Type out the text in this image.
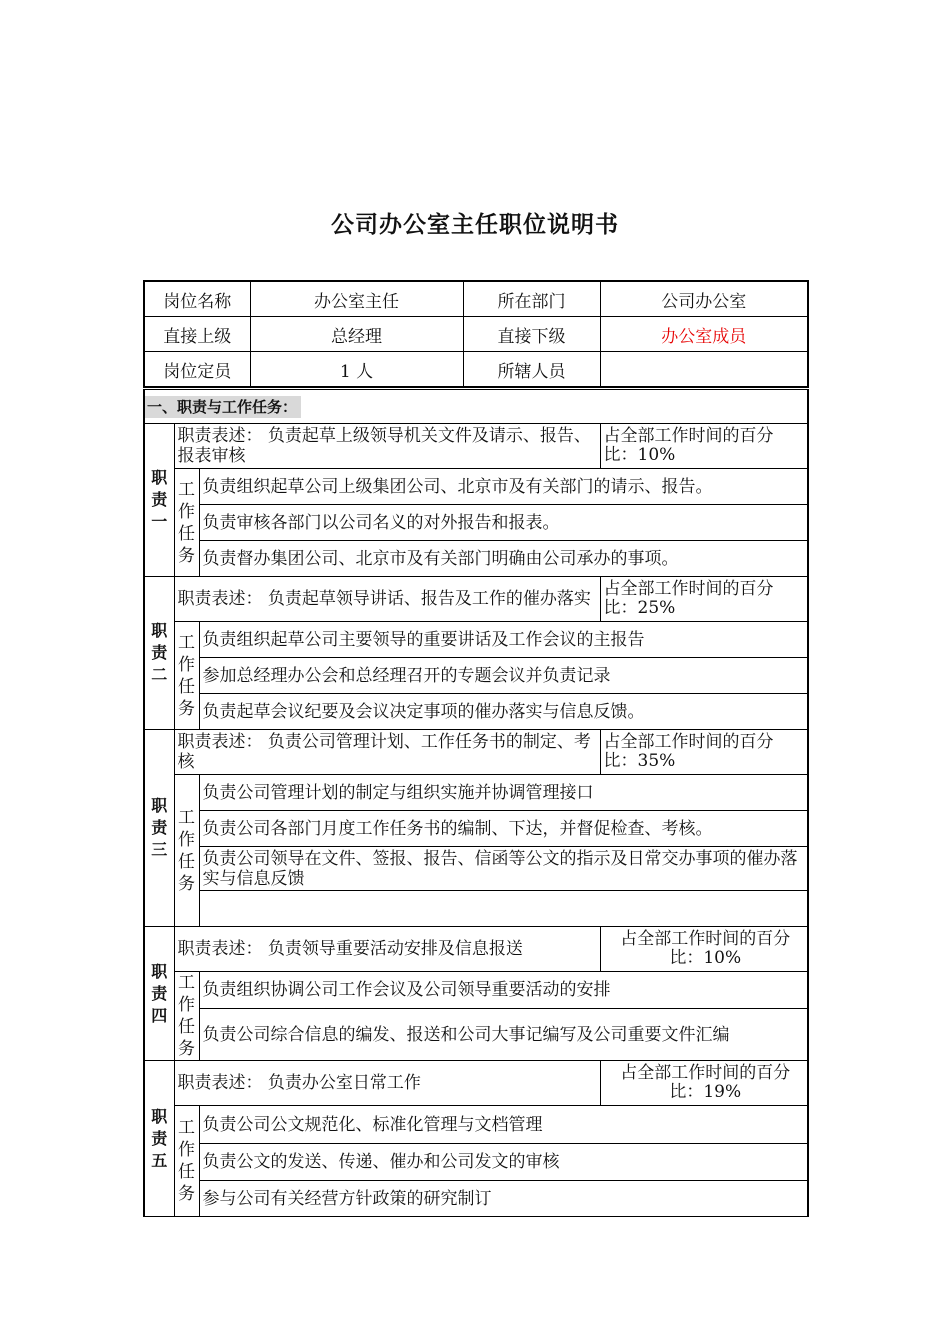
公司办公室主任职位说明书
岗位名称	办公室主任	所在部门	公司办公室
直接上级	总经理	直接下级	办公室成员
岗位定员	1 人	所辖人员	
一、职责与工作任务：			
职责一	职责表述： 负责起草上级领导机关文件及请示、报告、报表审核		占全部工作时间的百分比：10%
	工作任务	负责组织起草公司上级集团公司、北京市及有关部门的请示、报告。	
		负责审核各部门以公司名义的对外报告和报表。	
		负责督办集团公司、北京市及有关部门明确由公司承办的事项。	
职责二	职责表述： 负责起草领导讲话、报告及工作的催办落实		占全部工作时间的百分比：25%
	工作任务	负责组织起草公司主要领导的重要讲话及工作会议的主报告	
		参加总经理办公会和总经理召开的专题会议并负责记录	
		负责起草会议纪要及会议决定事项的催办落实与信息反馈。	
职责三	职责表述： 负责公司管理计划、工作任务书的制定、考核		占全部工作时间的百分比：35%
	工作任务	负责公司管理计划的制定与组织实施并协调管理接口	
		负责公司各部门月度工作任务书的编制、下达，并督促检查、考核。	
		负责公司领导在文件、签报、报告、信函等公文的指示及日常交办事项的催办落实与信息反馈	

职责四	职责表述： 负责领导重要活动安排及信息报送		占全部工作时间的百分比：10%
	工作任务	负责组织协调公司工作会议及公司领导重要活动的安排	
		负责公司综合信息的编发、报送和公司大事记编写及公司重要文件汇编	
职责五	职责表述： 负责办公室日常工作		占全部工作时间的百分比：19%
	工作任务	负责公司公文规范化、标准化管理与文档管理	
		负责公文的发送、传递、催办和公司发文的审核	
		参与公司有关经营方针政策的研究制订	
